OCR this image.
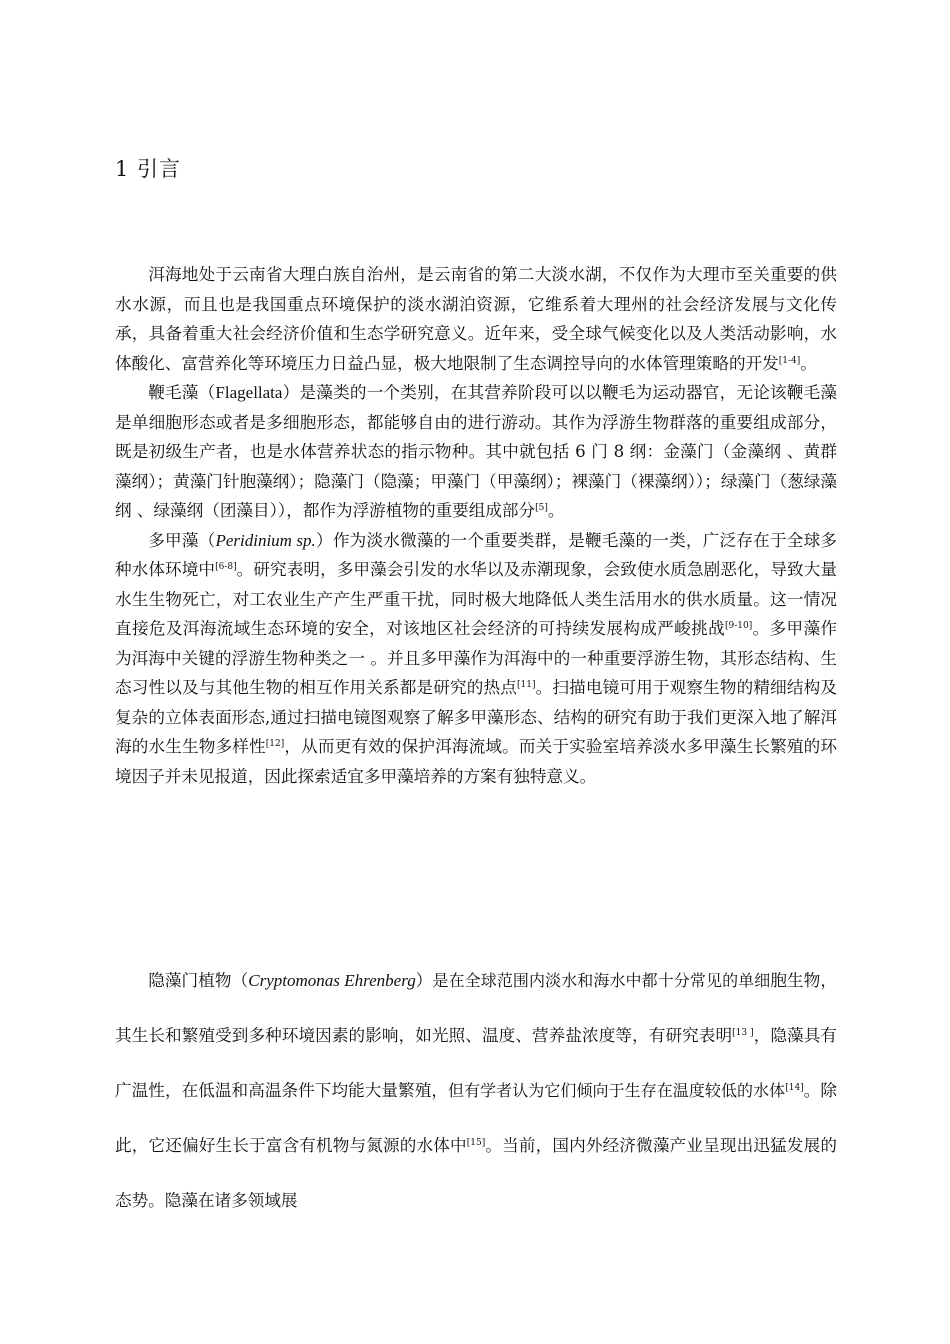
1 引言

洱海地处于云南省大理白族自治州，是云南省的第二大淡水湖，不仅作为大理市至关重要的供水水源，而且也是我国重点环境保护的淡水湖泊资源，它维系着大理州的社会经济发展与文化传承，具备着重大社会经济价值和生态学研究意义。近年来，受全球气候变化以及人类活动影响，水体酸化、富营养化等环境压力日益凸显，极大地限制了生态调控导向的水体管理策略的开发[1-4]。

鞭毛藻（Flagellata）是藻类的一个类别，在其营养阶段可以以鞭毛为运动器官，无论该鞭毛藻是单细胞形态或者是多细胞形态，都能够自由的进行游动。其作为浮游生物群落的重要组成部分，既是初级生产者，也是水体营养状态的指示物种。其中就包括 6 门 8 纲：金藻门（金藻纲 、黄群藻纲）；黄藻门针胞藻纲）；隐藻门（隐藻；甲藻门（甲藻纲）；裸藻门（裸藻纲））；绿藻门（葱绿藻纲 、绿藻纲（团藻目）），都作为浮游植物的重要组成部分[5]。

多甲藻（Peridinium sp.）作为淡水微藻的一个重要类群，是鞭毛藻的一类，广泛存在于全球多种水体环境中[6-8]。研究表明，多甲藻会引发的水华以及赤潮现象，会致使水质急剧恶化，导致大量水生生物死亡，对工农业生产产生严重干扰，同时极大地降低人类生活用水的供水质量。这一情况直接危及洱海流域生态环境的安全，对该地区社会经济的可持续发展构成严峻挑战[9-10]。多甲藻作为洱海中关键的浮游生物种类之一 。并且多甲藻作为洱海中的一种重要浮游生物，其形态结构、生态习性以及与其他生物的相互作用关系都是研究的热点[11]。扫描电镜可用于观察生物的精细结构及复杂的立体表面形态,通过扫描电镜图观察了解多甲藻形态、结构的研究有助于我们更深入地了解洱海的水生生物多样性[12]，从而更有效的保护洱海流域。而关于实验室培养淡水多甲藻生长繁殖的环境因子并未见报道，因此探索适宜多甲藻培养的方案有独特意义。

隐藻门植物（Cryptomonas Ehrenberg）是在全球范围内淡水和海水中都十分常见的单细胞生物，其生长和繁殖受到多种环境因素的影响，如光照、温度、营养盐浓度等，有研究表明[13 ]，隐藻具有广温性，在低温和高温条件下均能大量繁殖，但有学者认为它们倾向于生存在温度较低的水体[14]。除此，它还偏好生长于富含有机物与氮源的水体中[15]。当前，国内外经济微藻产业呈现出迅猛发展的态势。隐藻在诸多领域展
